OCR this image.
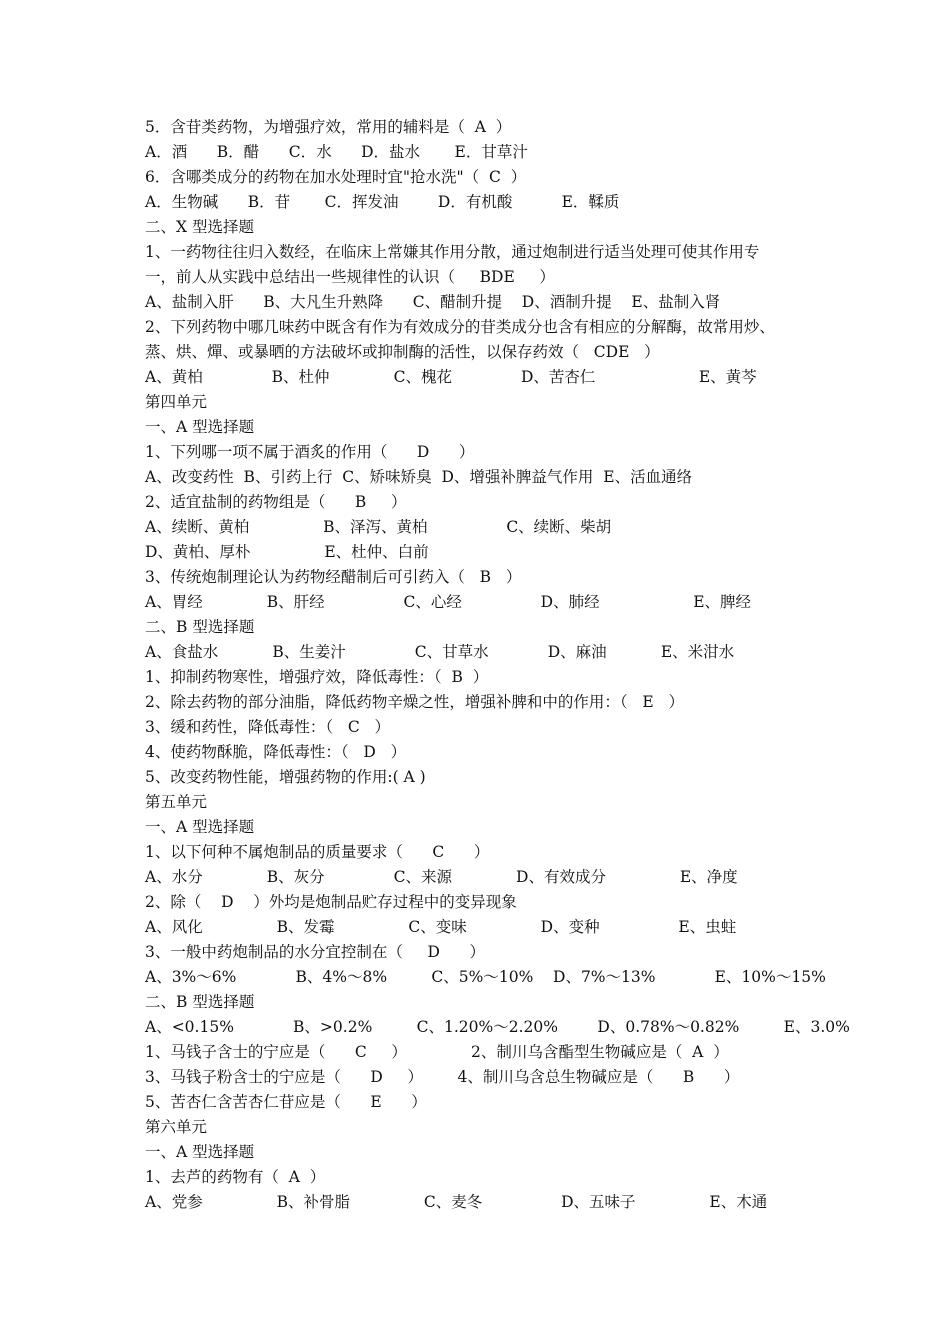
5．含苷类药物，为增强疗效，常用的辅料是（  A  ）
A．酒      B．醋      C．水      D．盐水       E．甘草汁
6．含哪类成分的药物在加水处理时宜"抢水洗"（  C  ）
A．生物碱      B．苷       C．挥发油        D．有机酸          E．鞣质
二、X 型选择题
1、一药物往往归入数经，在临床上常嫌其作用分散，通过炮制进行适当处理可使其作用专
一，前人从实践中总结出一些规律性的认识（     BDE     ）
A、盐制入肝      B、大凡生升熟降      C、醋制升提    D、酒制升提    E、盐制入肾
2、下列药物中哪几味药中既含有作为有效成分的苷类成分也含有相应的分解酶，故常用炒、
蒸、烘、燀、或暴晒的方法破坏或抑制酶的活性，以保存药效（   CDE   ）
A、黄柏              B、杜仲             C、槐花              D、苦杏仁                     E、黄芩
第四单元
一、A 型选择题
1、下列哪一项不属于酒炙的作用（      D      ）
A、改变药性  B、引药上行  C、矫味矫臭  D、增强补脾益气作用  E、活血通络
2、适宜盐制的药物组是（      B     ）
A、续断、黄柏               B、泽泻、黄柏                C、续断、柴胡
D、黄柏、厚朴               E、杜仲、白前
3、传统炮制理论认为药物经醋制后可引药入（   B   ）
A、胃经             B、肝经                C、心经                D、肺经                   E、脾经
二、B 型选择题
A、食盐水           B、生姜汁              C、甘草水            D、麻油           E、米泔水
1、抑制药物寒性，增强疗效，降低毒性：（  B  ）
2、除去药物的部分油脂，降低药物辛燥之性，增强补脾和中的作用：（   E   ）
3、缓和药性，降低毒性：（   C   ）
4、使药物酥脆，降低毒性：（   D   ）
5、改变药物性能，增强药物的作用:( A )
第五单元
一、A 型选择题
1、以下何种不属炮制品的质量要求（      C      ）
A、水分             B、灰分              C、来源             D、有效成分               E、净度
2、除（    D    ）外均是炮制品贮存过程中的变异现象
A、风化               B、发霉               C、变味               D、变种                E、虫蛀
3、一般中药炮制品的水分宜控制在（     D      ）
A、3%～6%            B、4%～8%         C、5%～10%    D、7%～13%            E、10%～15%
二、B 型选择题
A、<0.15%            B、>0.2%         C、1.20%～2.20%        D、0.78%～0.82%         E、3.0%
1、马钱子含士的宁应是（      C     ）             2、制川乌含酯型生物碱应是（  A  ）
3、马钱子粉含士的宁应是（      D     ）       4、制川乌含总生物碱应是（      B      ）
5、苦杏仁含苦杏仁苷应是（      E      ）
第六单元
一、A 型选择题
1、去芦的药物有（  A  ）
A、党参               B、补骨脂               C、麦冬                D、五味子               E、木通
